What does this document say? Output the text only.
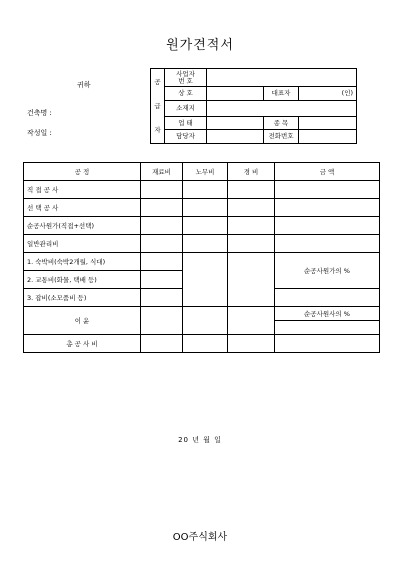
원가견적서
귀하
건축명 :
작성일 :
공

급

자	사업자
번 호			
	상 호		대표자	(인)
	소재지			
	업 태		종 목	
	담당자		전화번호	
공 정	재료비	노무비	경 비	금 액
직 접 공 사				
선 택 공 사				
순공사원가(직접+선택)				
일반관리비				
1. 숙박비(숙박2개월, 식대)				순공사원가의 %
2. 교통비(화물, 택배 등)				
3. 잡비(소모품비 등)				
이 윤				순공사원사의 %

총 공 사 비				
20 년 월 일
OO주식회사
